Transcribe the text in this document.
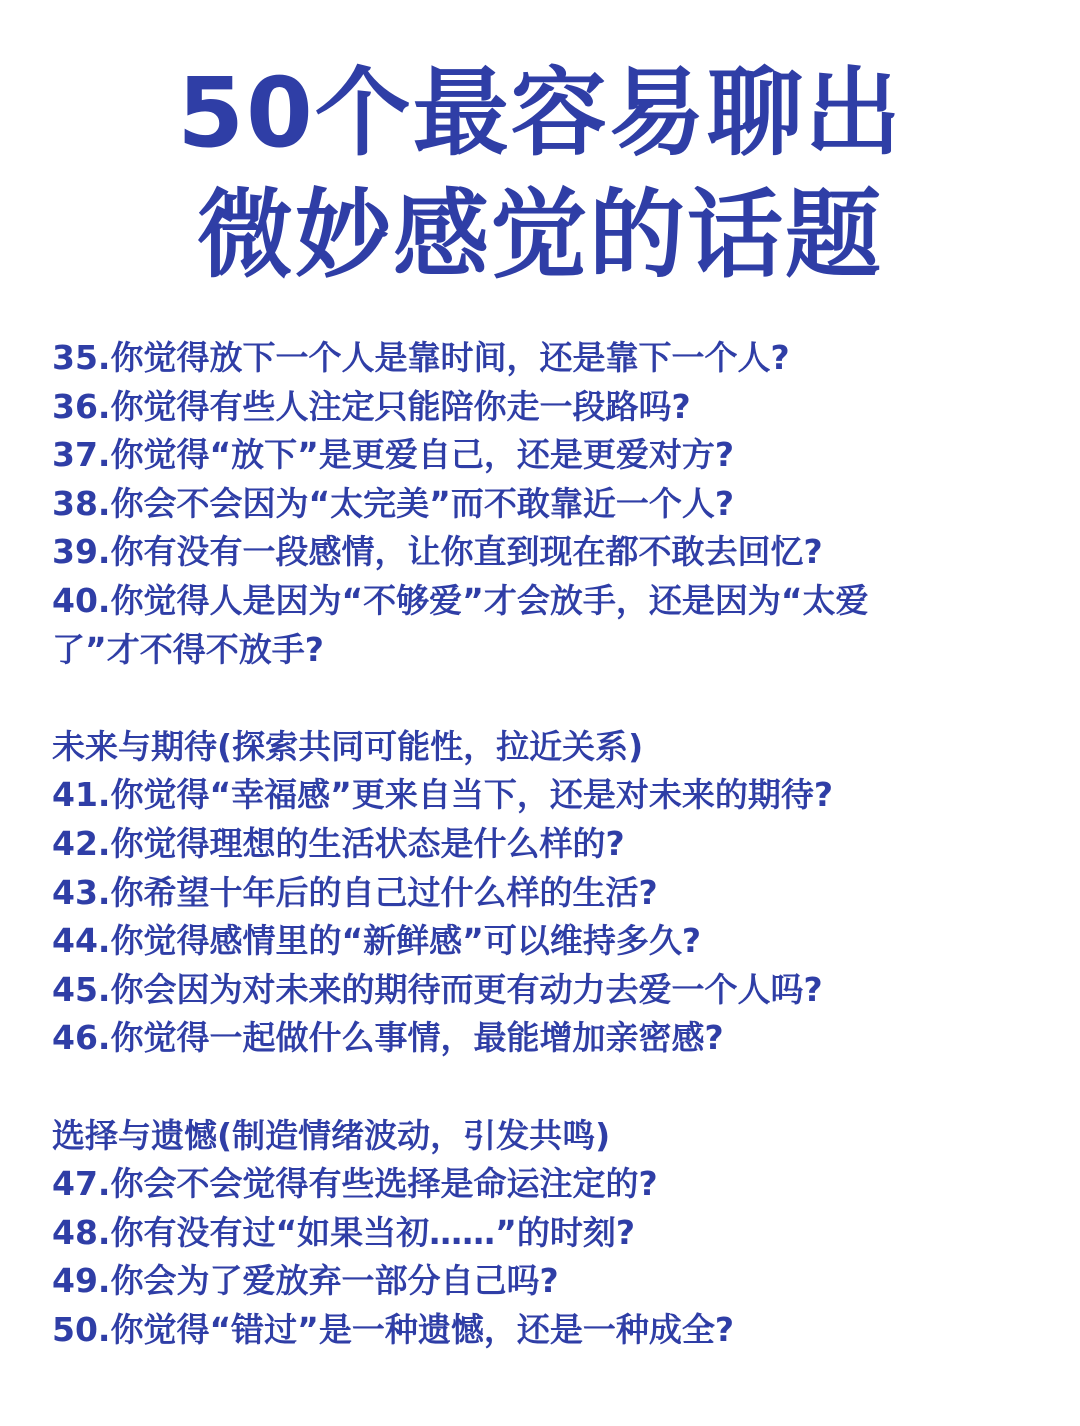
50个最容易聊出
微妙感觉的话题
35.你觉得放下一个人是靠时间，还是靠下一个人?
36.你觉得有些人注定只能陪你走一段路吗?
37.你觉得“放下”是更爱自己，还是更爱对方?
38.你会不会因为“太完美”而不敢靠近一个人?
39.你有没有一段感情，让你直到现在都不敢去回忆?
40.你觉得人是因为“不够爱”才会放手，还是因为“太爱
了”才不得不放手?
未来与期待(探索共同可能性，拉近关系)
41.你觉得“幸福感”更来自当下，还是对未来的期待?
42.你觉得理想的生活状态是什么样的?
43.你希望十年后的自己过什么样的生活?
44.你觉得感情里的“新鲜感”可以维持多久?
45.你会因为对未来的期待而更有动力去爱一个人吗?
46.你觉得一起做什么事情，最能增加亲密感?
选择与遗憾(制造情绪波动，引发共鸣)
47.你会不会觉得有些选择是命运注定的?
48.你有没有过“如果当初……”的时刻?
49.你会为了爱放弃一部分自己吗?
50.你觉得“错过”是一种遗憾，还是一种成全?
